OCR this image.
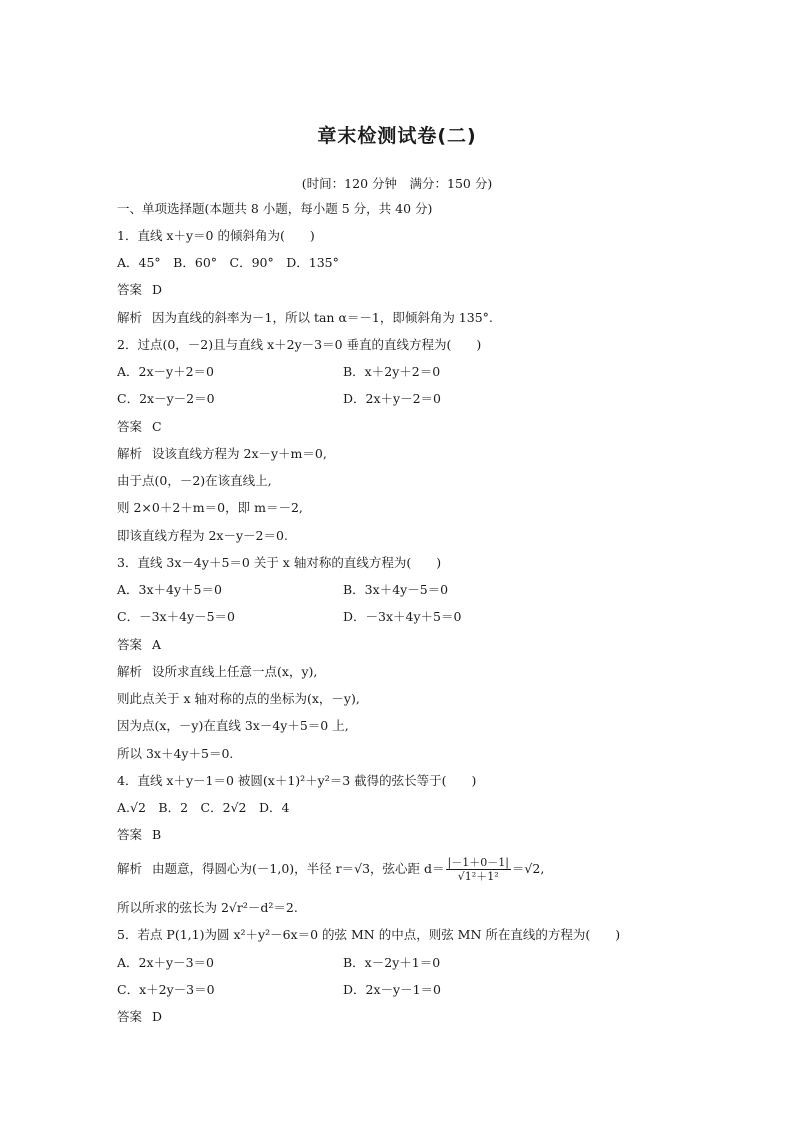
章末检测试卷(二)
(时间：120 分钟　满分：150 分)
一、单项选择题(本题共 8 小题，每小题 5 分，共 40 分)
1．直线 x＋y＝0 的倾斜角为(　　)
A．45°　B．60°　C．90°　D．135°
答案 D
解析 因为直线的斜率为－1，所以 tan α＝－1，即倾斜角为 135°.
2．过点(0，－2)且与直线 x＋2y－3＝0 垂直的直线方程为(　　)
A．2x－y＋2＝0	B．x＋2y＋2＝0
C．2x－y－2＝0	D．2x＋y－2＝0
答案 C
解析 设该直线方程为 2x－y＋m＝0,
由于点(0，－2)在该直线上,
则 2×0＋2＋m＝0，即 m＝－2,
即该直线方程为 2x－y－2＝0.
3．直线 3x－4y＋5＝0 关于 x 轴对称的直线方程为(　　)
A．3x＋4y＋5＝0	B．3x＋4y－5＝0
C．－3x＋4y－5＝0	D．－3x＋4y＋5＝0
答案 A
解析 设所求直线上任意一点(x，y),
则此点关于 x 轴对称的点的坐标为(x，－y),
因为点(x，－y)在直线 3x－4y＋5＝0 上,
所以 3x＋4y＋5＝0.
4．直线 x＋y－1＝0 被圆(x＋1)²＋y²＝3 截得的弦长等于(　　)
A.√2　B．2　C．2√2　D．4
答案 B
解析 由题意，得圆心为(－1,0)，半径 r＝√3，弦心距 $d= \frac{|-1+0-1|}{\text{√1²＋1²}} =√2$,
所以所求的弦长为 2√r²－d²＝2.
5．若点 P(1,1)为圆 x²＋y²－6x＝0 的弦 MN 的中点，则弦 MN 所在直线的方程为(　　)
A．2x＋y－3＝0	B．x－2y＋1＝0
C．x＋2y－3＝0	D．2x－y－1＝0
答案 D
